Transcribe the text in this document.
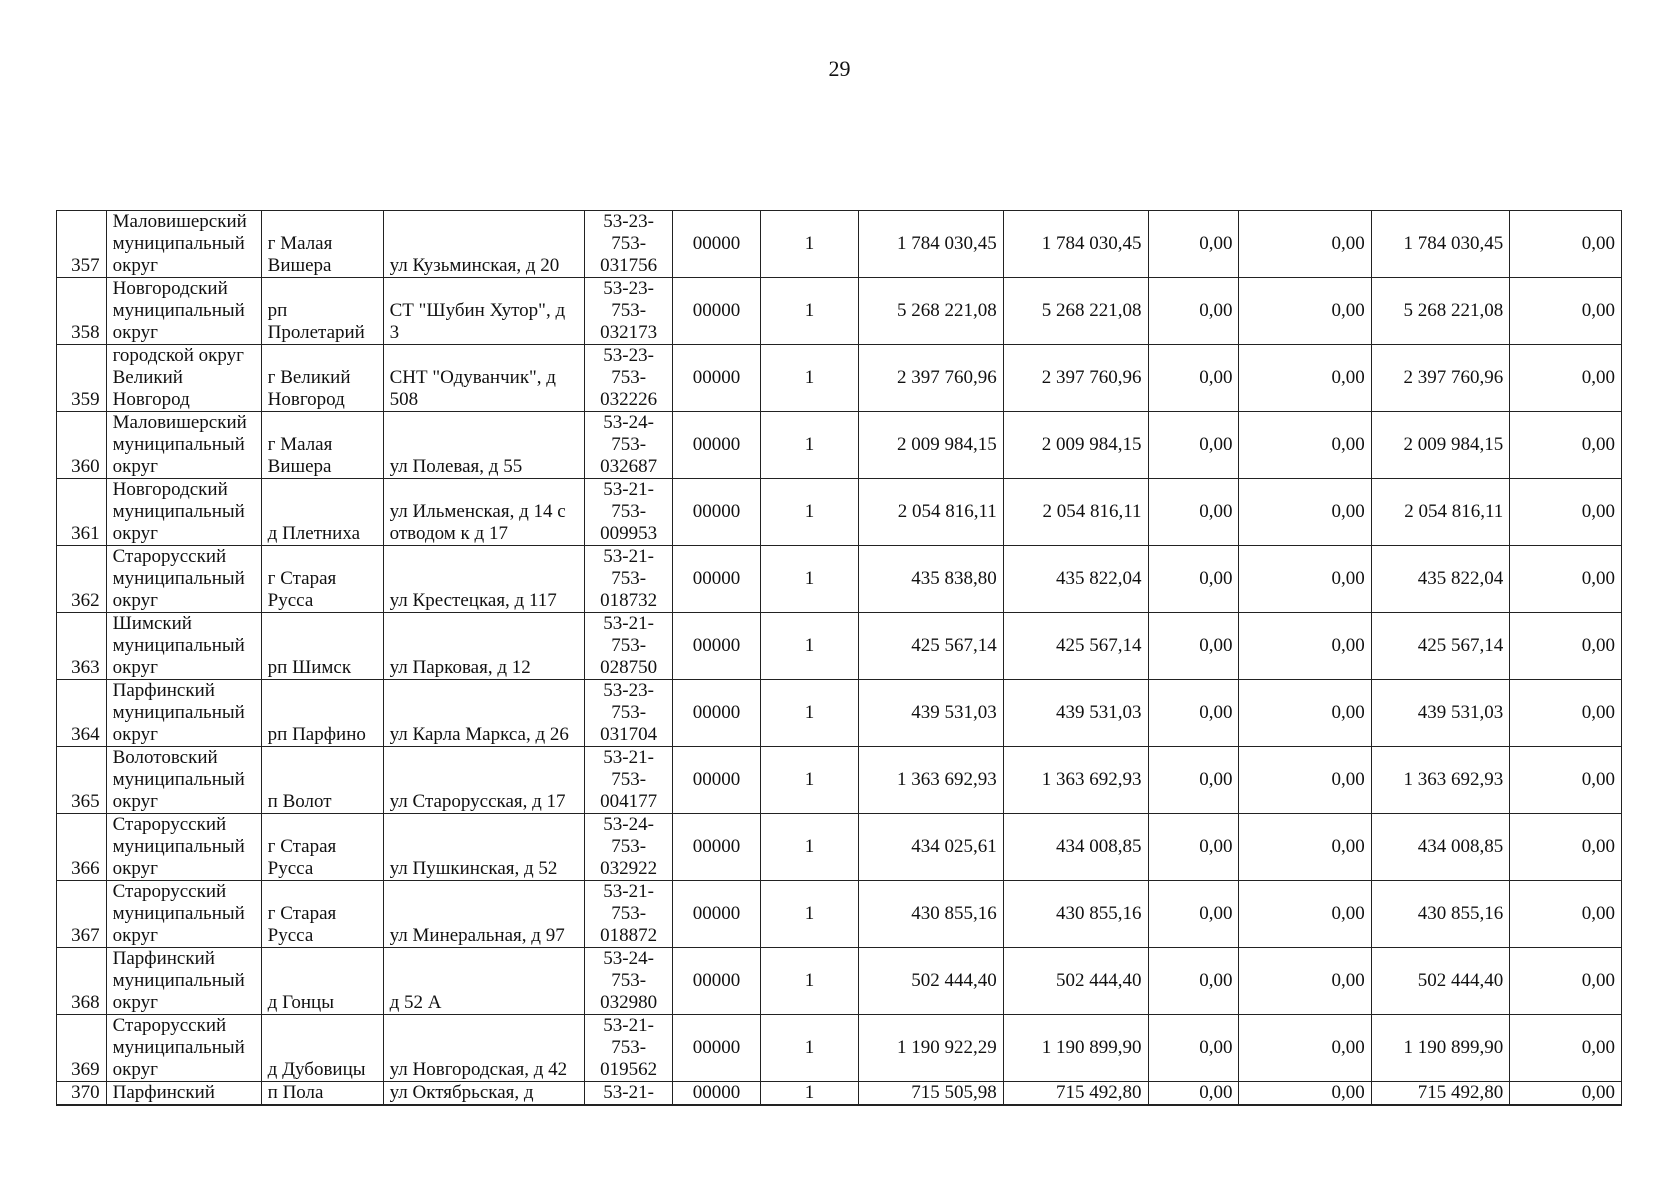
29
357	Маловишерский муниципальный округ	г Малая Вишера	ул Кузьминская, д 20	53-23-753-031756	00000	1	1 784 030,45	1 784 030,45	0,00	0,00	1 784 030,45	0,00
358	Новгородский муниципальный округ	рп Пролетарий	СТ "Шубин Хутор", д 3	53-23-753-032173	00000	1	5 268 221,08	5 268 221,08	0,00	0,00	5 268 221,08	0,00
359	городской округ Великий Новгород	г Великий Новгород	СНТ "Одуванчик", д 508	53-23-753-032226	00000	1	2 397 760,96	2 397 760,96	0,00	0,00	2 397 760,96	0,00
360	Маловишерский муниципальный округ	г Малая Вишера	ул Полевая, д 55	53-24-753-032687	00000	1	2 009 984,15	2 009 984,15	0,00	0,00	2 009 984,15	0,00
361	Новгородский муниципальный округ	д Плетниха	ул Ильменская, д 14 с отводом к д 17	53-21-753-009953	00000	1	2 054 816,11	2 054 816,11	0,00	0,00	2 054 816,11	0,00
362	Старорусский муниципальный округ	г Старая Русса	ул Крестецкая, д 117	53-21-753-018732	00000	1	435 838,80	435 822,04	0,00	0,00	435 822,04	0,00
363	Шимский муниципальный округ	рп Шимск	ул Парковая, д 12	53-21-753-028750	00000	1	425 567,14	425 567,14	0,00	0,00	425 567,14	0,00
364	Парфинский муниципальный округ	рп Парфино	ул Карла Маркса, д 26	53-23-753-031704	00000	1	439 531,03	439 531,03	0,00	0,00	439 531,03	0,00
365	Волотовский муниципальный округ	п Волот	ул Старорусская, д 17	53-21-753-004177	00000	1	1 363 692,93	1 363 692,93	0,00	0,00	1 363 692,93	0,00
366	Старорусский муниципальный округ	г Старая Русса	ул Пушкинская, д 52	53-24-753-032922	00000	1	434 025,61	434 008,85	0,00	0,00	434 008,85	0,00
367	Старорусский муниципальный округ	г Старая Русса	ул Минеральная, д 97	53-21-753-018872	00000	1	430 855,16	430 855,16	0,00	0,00	430 855,16	0,00
368	Парфинский муниципальный округ	д Гонцы	д 52 А	53-24-753-032980	00000	1	502 444,40	502 444,40	0,00	0,00	502 444,40	0,00
369	Старорусский муниципальный округ	д Дубовицы	ул Новгородская, д 42	53-21-753-019562	00000	1	1 190 922,29	1 190 899,90	0,00	0,00	1 190 899,90	0,00
370	Парфинский	п Пола	ул Октябрьская, д	53-21-	00000	1	715 505,98	715 492,80	0,00	0,00	715 492,80	0,00
